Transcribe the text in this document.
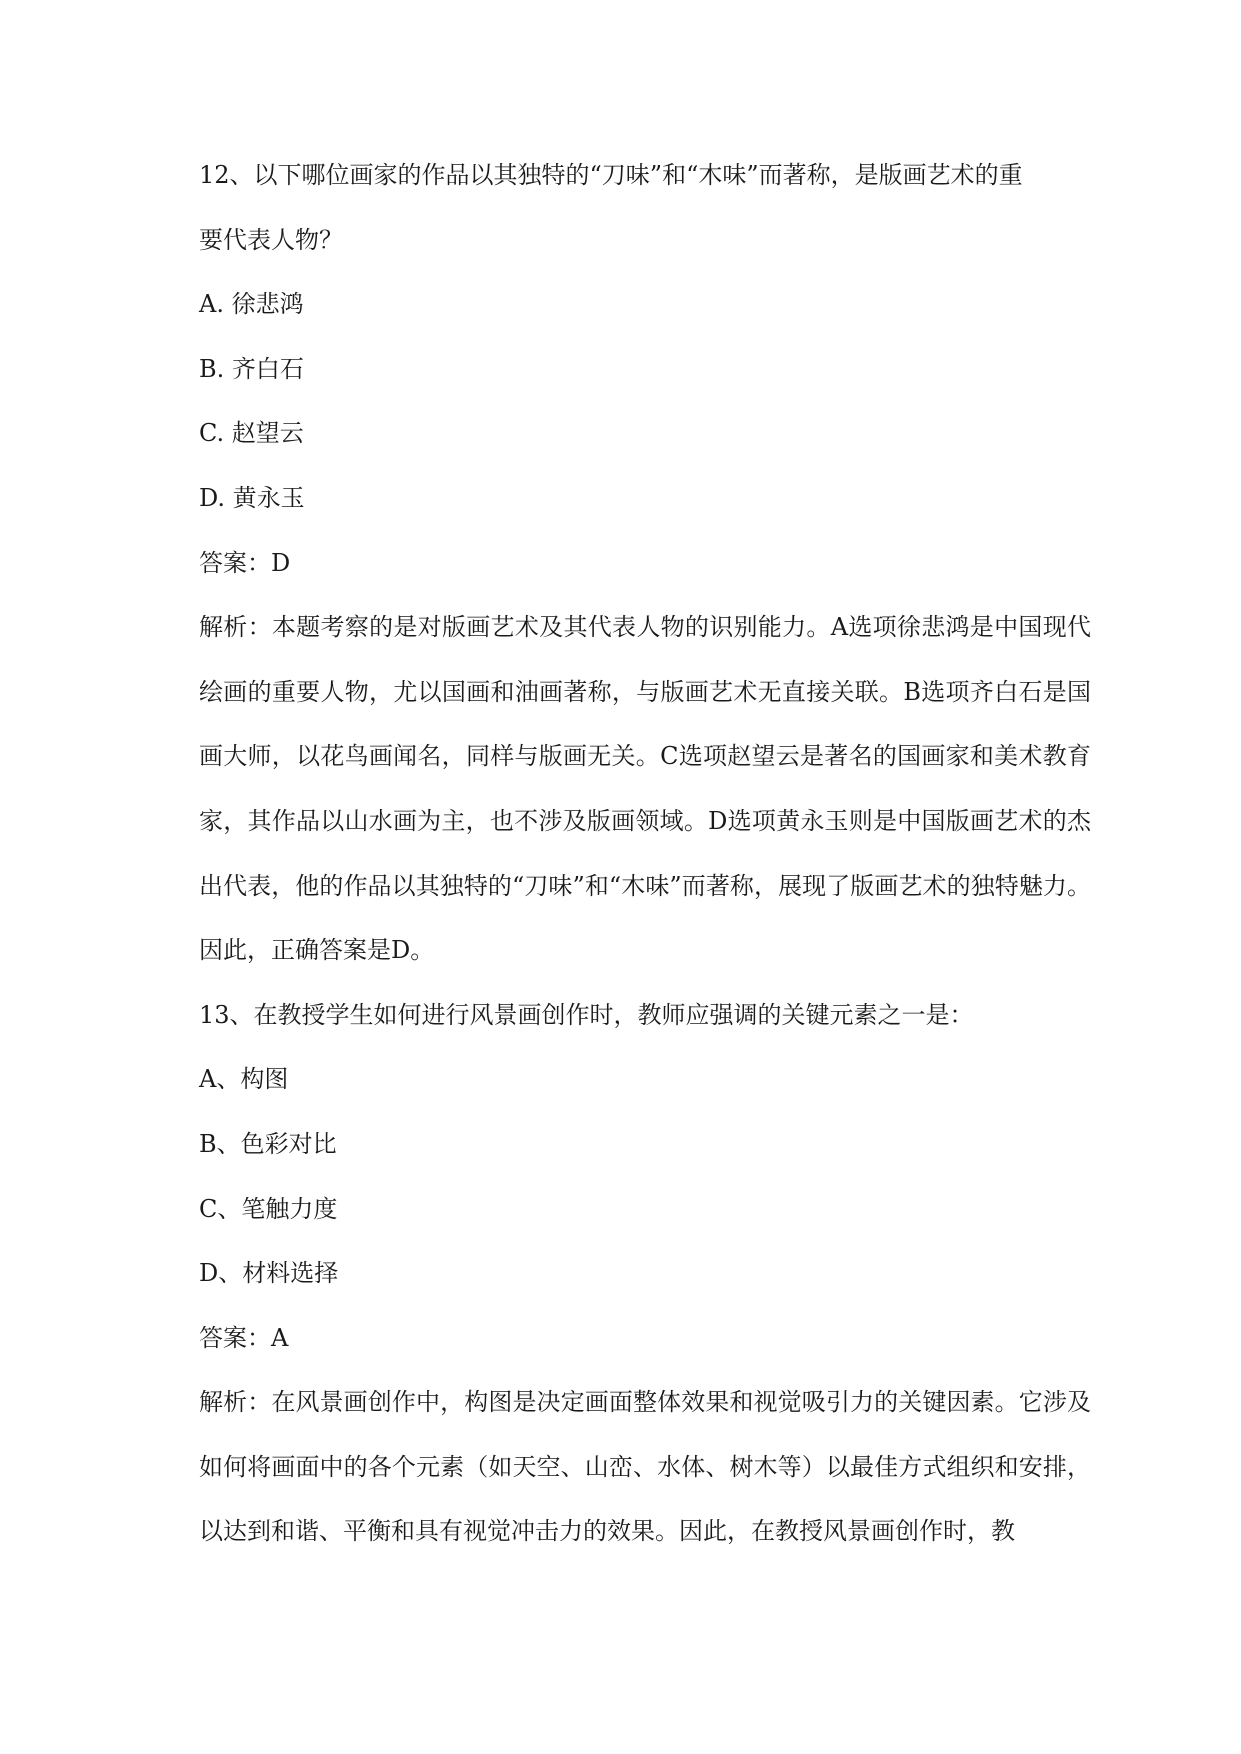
12、以下哪位画家的作品以其独特的“刀味”和“木味”而著称，是版画艺术的重

要代表人物？

A. 徐悲鸿

B. 齐白石

C. 赵望云

D. 黄永玉

答案：D

解析：本题考察的是对版画艺术及其代表人物的识别能力。A选项徐悲鸿是中国现代绘画的重要人物，尤以国画和油画著称，与版画艺术无直接关联。B选项齐白石是国画大师，以花鸟画闻名，同样与版画无关。C选项赵望云是著名的国画家和美术教育家，其作品以山水画为主，也不涉及版画领域。D选项黄永玉则是中国版画艺术的杰出代表，他的作品以其独特的“刀味”和“木味”而著称，展现了版画艺术的独特魅力。因此，正确答案是D。

13、在教授学生如何进行风景画创作时，教师应强调的关键元素之一是：

A、构图

B、色彩对比

C、笔触力度

D、材料选择

答案：A

解析：在风景画创作中，构图是决定画面整体效果和视觉吸引力的关键因素。它涉及如何将画面中的各个元素（如天空、山峦、水体、树木等）以最佳方式组织和安排，以达到和谐、平衡和具有视觉冲击力的效果。因此，在教授风景画创作时，教
